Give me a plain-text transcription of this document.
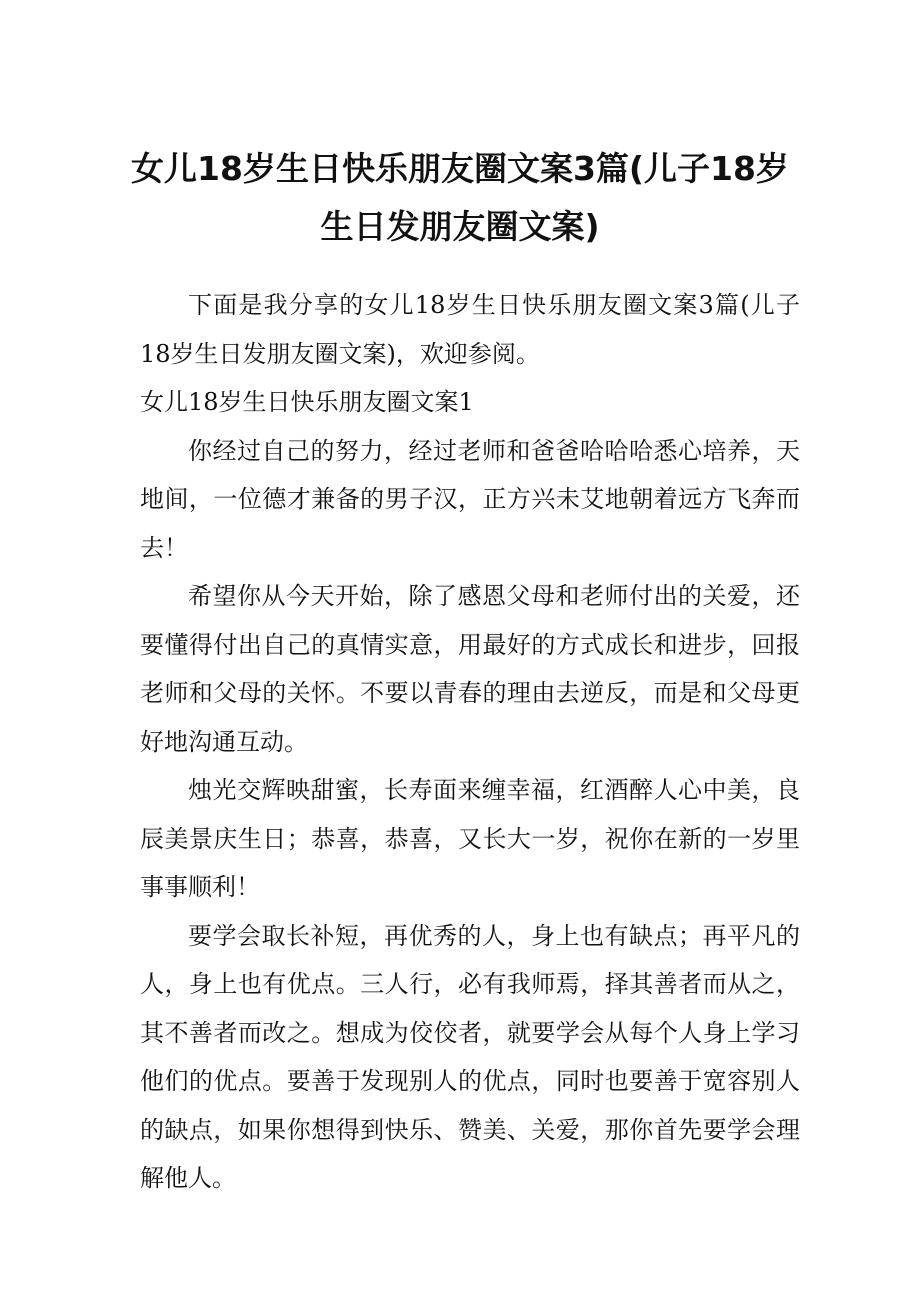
女儿18岁生日快乐朋友圈文案3篇(儿子18岁生日发朋友圈文案)

下面是我分享的女儿18岁生日快乐朋友圈文案3篇(儿子18岁生日发朋友圈文案)，欢迎参阅。

女儿18岁生日快乐朋友圈文案1

你经过自己的努力，经过老师和爸爸哈哈哈悉心培养，天地间，一位德才兼备的男子汉，正方兴未艾地朝着远方飞奔而去！

希望你从今天开始，除了感恩父母和老师付出的关爱，还要懂得付出自己的真情实意，用最好的方式成长和进步，回报老师和父母的关怀。不要以青春的理由去逆反，而是和父母更好地沟通互动。

烛光交辉映甜蜜，长寿面来缠幸福，红酒醉人心中美，良辰美景庆生日；恭喜，恭喜，又长大一岁，祝你在新的一岁里事事顺利！

要学会取长补短，再优秀的人，身上也有缺点；再平凡的人，身上也有优点。三人行，必有我师焉，择其善者而从之，其不善者而改之。想成为佼佼者，就要学会从每个人身上学习他们的优点。要善于发现别人的优点，同时也要善于宽容别人的缺点，如果你想得到快乐、赞美、关爱，那你首先要学会理解他人。
